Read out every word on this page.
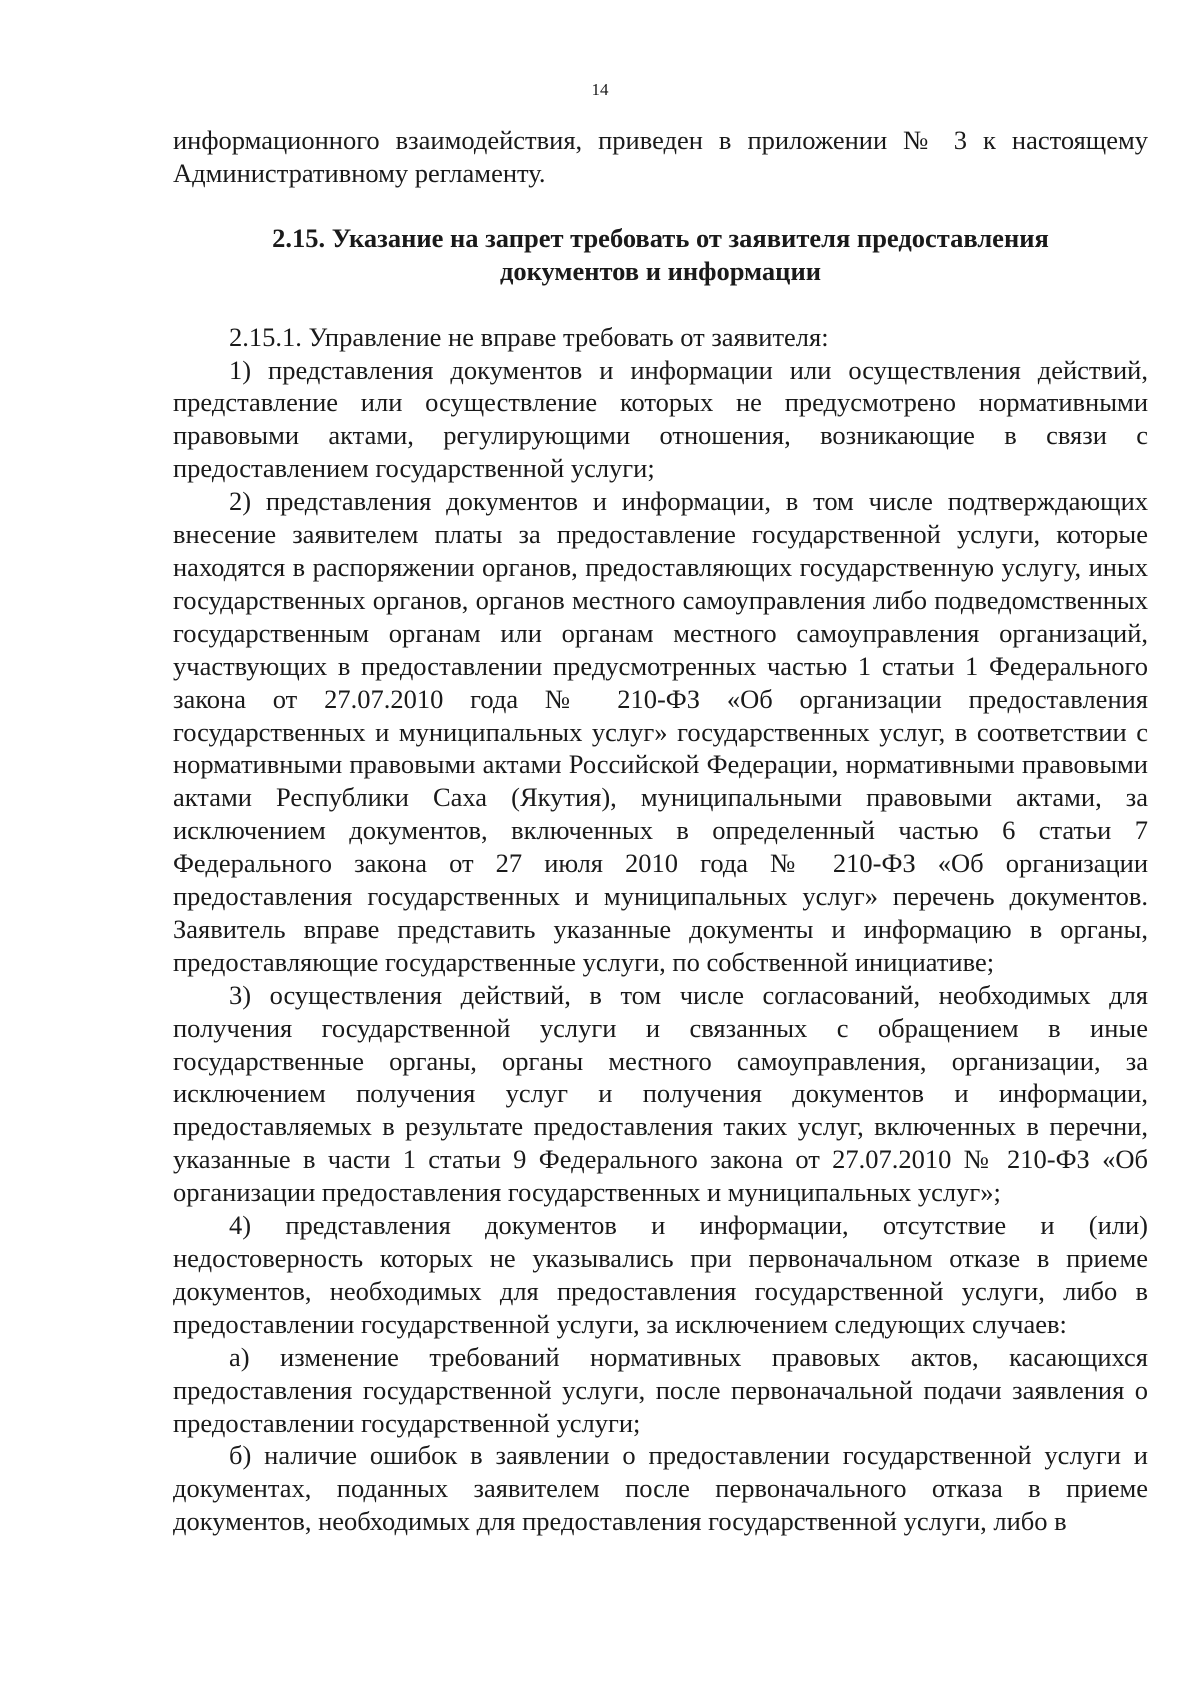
14

информационного взаимодействия, приведен в приложении № 3 к настоящему Административному регламенту.

2.15. Указание на запрет требовать от заявителя предоставления

документов и информации

2.15.1. Управление не вправе требовать от заявителя:

1) представления документов и информации или осуществления действий, представление или осуществление которых не предусмотрено нормативными правовыми актами, регулирующими отношения, возникающие в связи с предоставлением государственной услуги;

2) представления документов и информации, в том числе подтверждающих внесение заявителем платы за предоставление государственной услуги, которые находятся в распоряжении органов, предоставляющих государственную услугу, иных государственных органов, органов местного самоуправления либо подведомственных государственным органам или органам местного самоуправления организаций, участвующих в предоставлении предусмотренных частью 1 статьи 1 Федерального закона от 27.07.2010 года № 210-ФЗ «Об организации предоставления государственных и муниципальных услуг» государственных услуг, в соответствии с нормативными правовыми актами Российской Федерации, нормативными правовыми актами Республики Саха (Якутия), муниципальными правовыми актами, за исключением документов, включенных в определенный частью 6 статьи 7 Федерального закона от 27 июля 2010 года № 210-ФЗ «Об организации предоставления государственных и муниципальных услуг» перечень документов. Заявитель вправе представить указанные документы и информацию в органы, предоставляющие государственные услуги, по собственной инициативе;

3) осуществления действий, в том числе согласований, необходимых для получения государственной услуги и связанных с обращением в иные государственные органы, органы местного самоуправления, организации, за исключением получения услуг и получения документов и информации, предоставляемых в результате предоставления таких услуг, включенных в перечни, указанные в части 1 статьи 9 Федерального закона от 27.07.2010 № 210-ФЗ «Об организации предоставления государственных и муниципальных услуг»;

4) представления документов и информации, отсутствие и (или) недостоверность которых не указывались при первоначальном отказе в приеме документов, необходимых для предоставления государственной услуги, либо в предоставлении государственной услуги, за исключением следующих случаев:

а) изменение требований нормативных правовых актов, касающихся предоставления государственной услуги, после первоначальной подачи заявления о предоставлении государственной услуги;

б) наличие ошибок в заявлении о предоставлении государственной услуги и документах, поданных заявителем после первоначального отказа в приеме документов, необходимых для предоставления государственной услуги, либо в
